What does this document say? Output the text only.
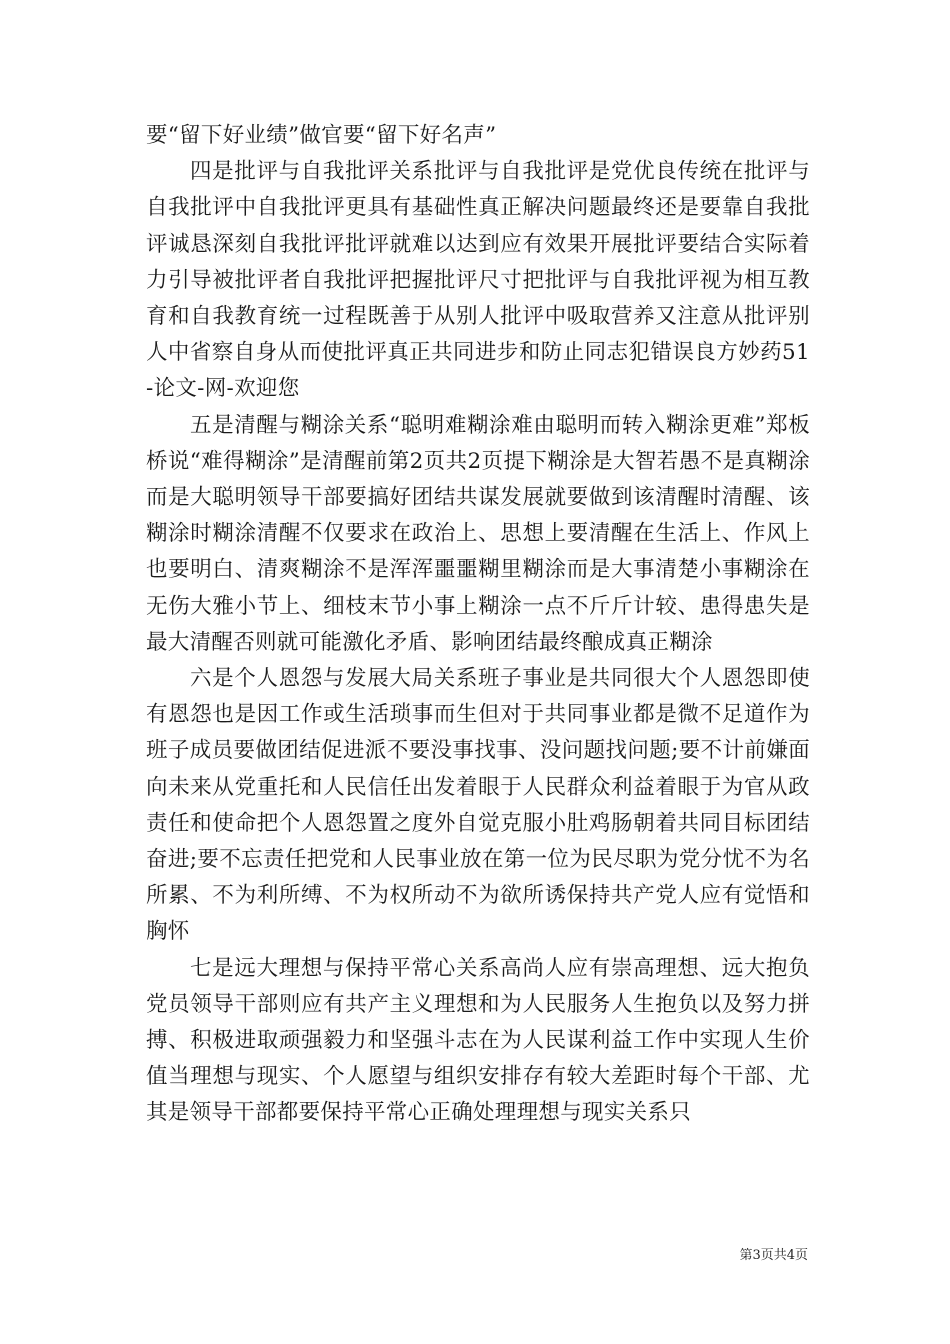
要“留下好业绩”做官要“留下好名声”

四是批评与自我批评关系批评与自我批评是党优良传统在批评与自我批评中自我批评更具有基础性真正解决问题最终还是要靠自我批评诚恳深刻自我批评批评就难以达到应有效果开展批评要结合实际着力引导被批评者自我批评把握批评尺寸把批评与自我批评视为相互教育和自我教育统一过程既善于从别人批评中吸取营养又注意从批评别人中省察自身从而使批评真正共同进步和防止同志犯错误良方妙药51-论文-网-欢迎您

五是清醒与糊涂关系“聪明难糊涂难由聪明而转入糊涂更难”郑板桥说“难得糊涂”是清醒前第2页共2页提下糊涂是大智若愚不是真糊涂而是大聪明领导干部要搞好团结共谋发展就要做到该清醒时清醒、该糊涂时糊涂清醒不仅要求在政治上、思想上要清醒在生活上、作风上也要明白、清爽糊涂不是浑浑噩噩糊里糊涂而是大事清楚小事糊涂在无伤大雅小节上、细枝末节小事上糊涂一点不斤斤计较、患得患失是最大清醒否则就可能激化矛盾、影响团结最终酿成真正糊涂

六是个人恩怨与发展大局关系班子事业是共同很大个人恩怨即使有恩怨也是因工作或生活琐事而生但对于共同事业都是微不足道作为班子成员要做团结促进派不要没事找事、没问题找问题;要不计前嫌面向未来从党重托和人民信任出发着眼于人民群众利益着眼于为官从政责任和使命把个人恩怨置之度外自觉克服小肚鸡肠朝着共同目标团结奋进;要不忘责任把党和人民事业放在第一位为民尽职为党分忧不为名所累、不为利所缚、不为权所动不为欲所诱保持共产党人应有觉悟和胸怀

七是远大理想与保持平常心关系高尚人应有崇高理想、远大抱负党员领导干部则应有共产主义理想和为人民服务人生抱负以及努力拼搏、积极进取顽强毅力和坚强斗志在为人民谋利益工作中实现人生价值当理想与现实、个人愿望与组织安排存有较大差距时每个干部、尤其是领导干部都要保持平常心正确处理理想与现实关系只

第3页共4页
